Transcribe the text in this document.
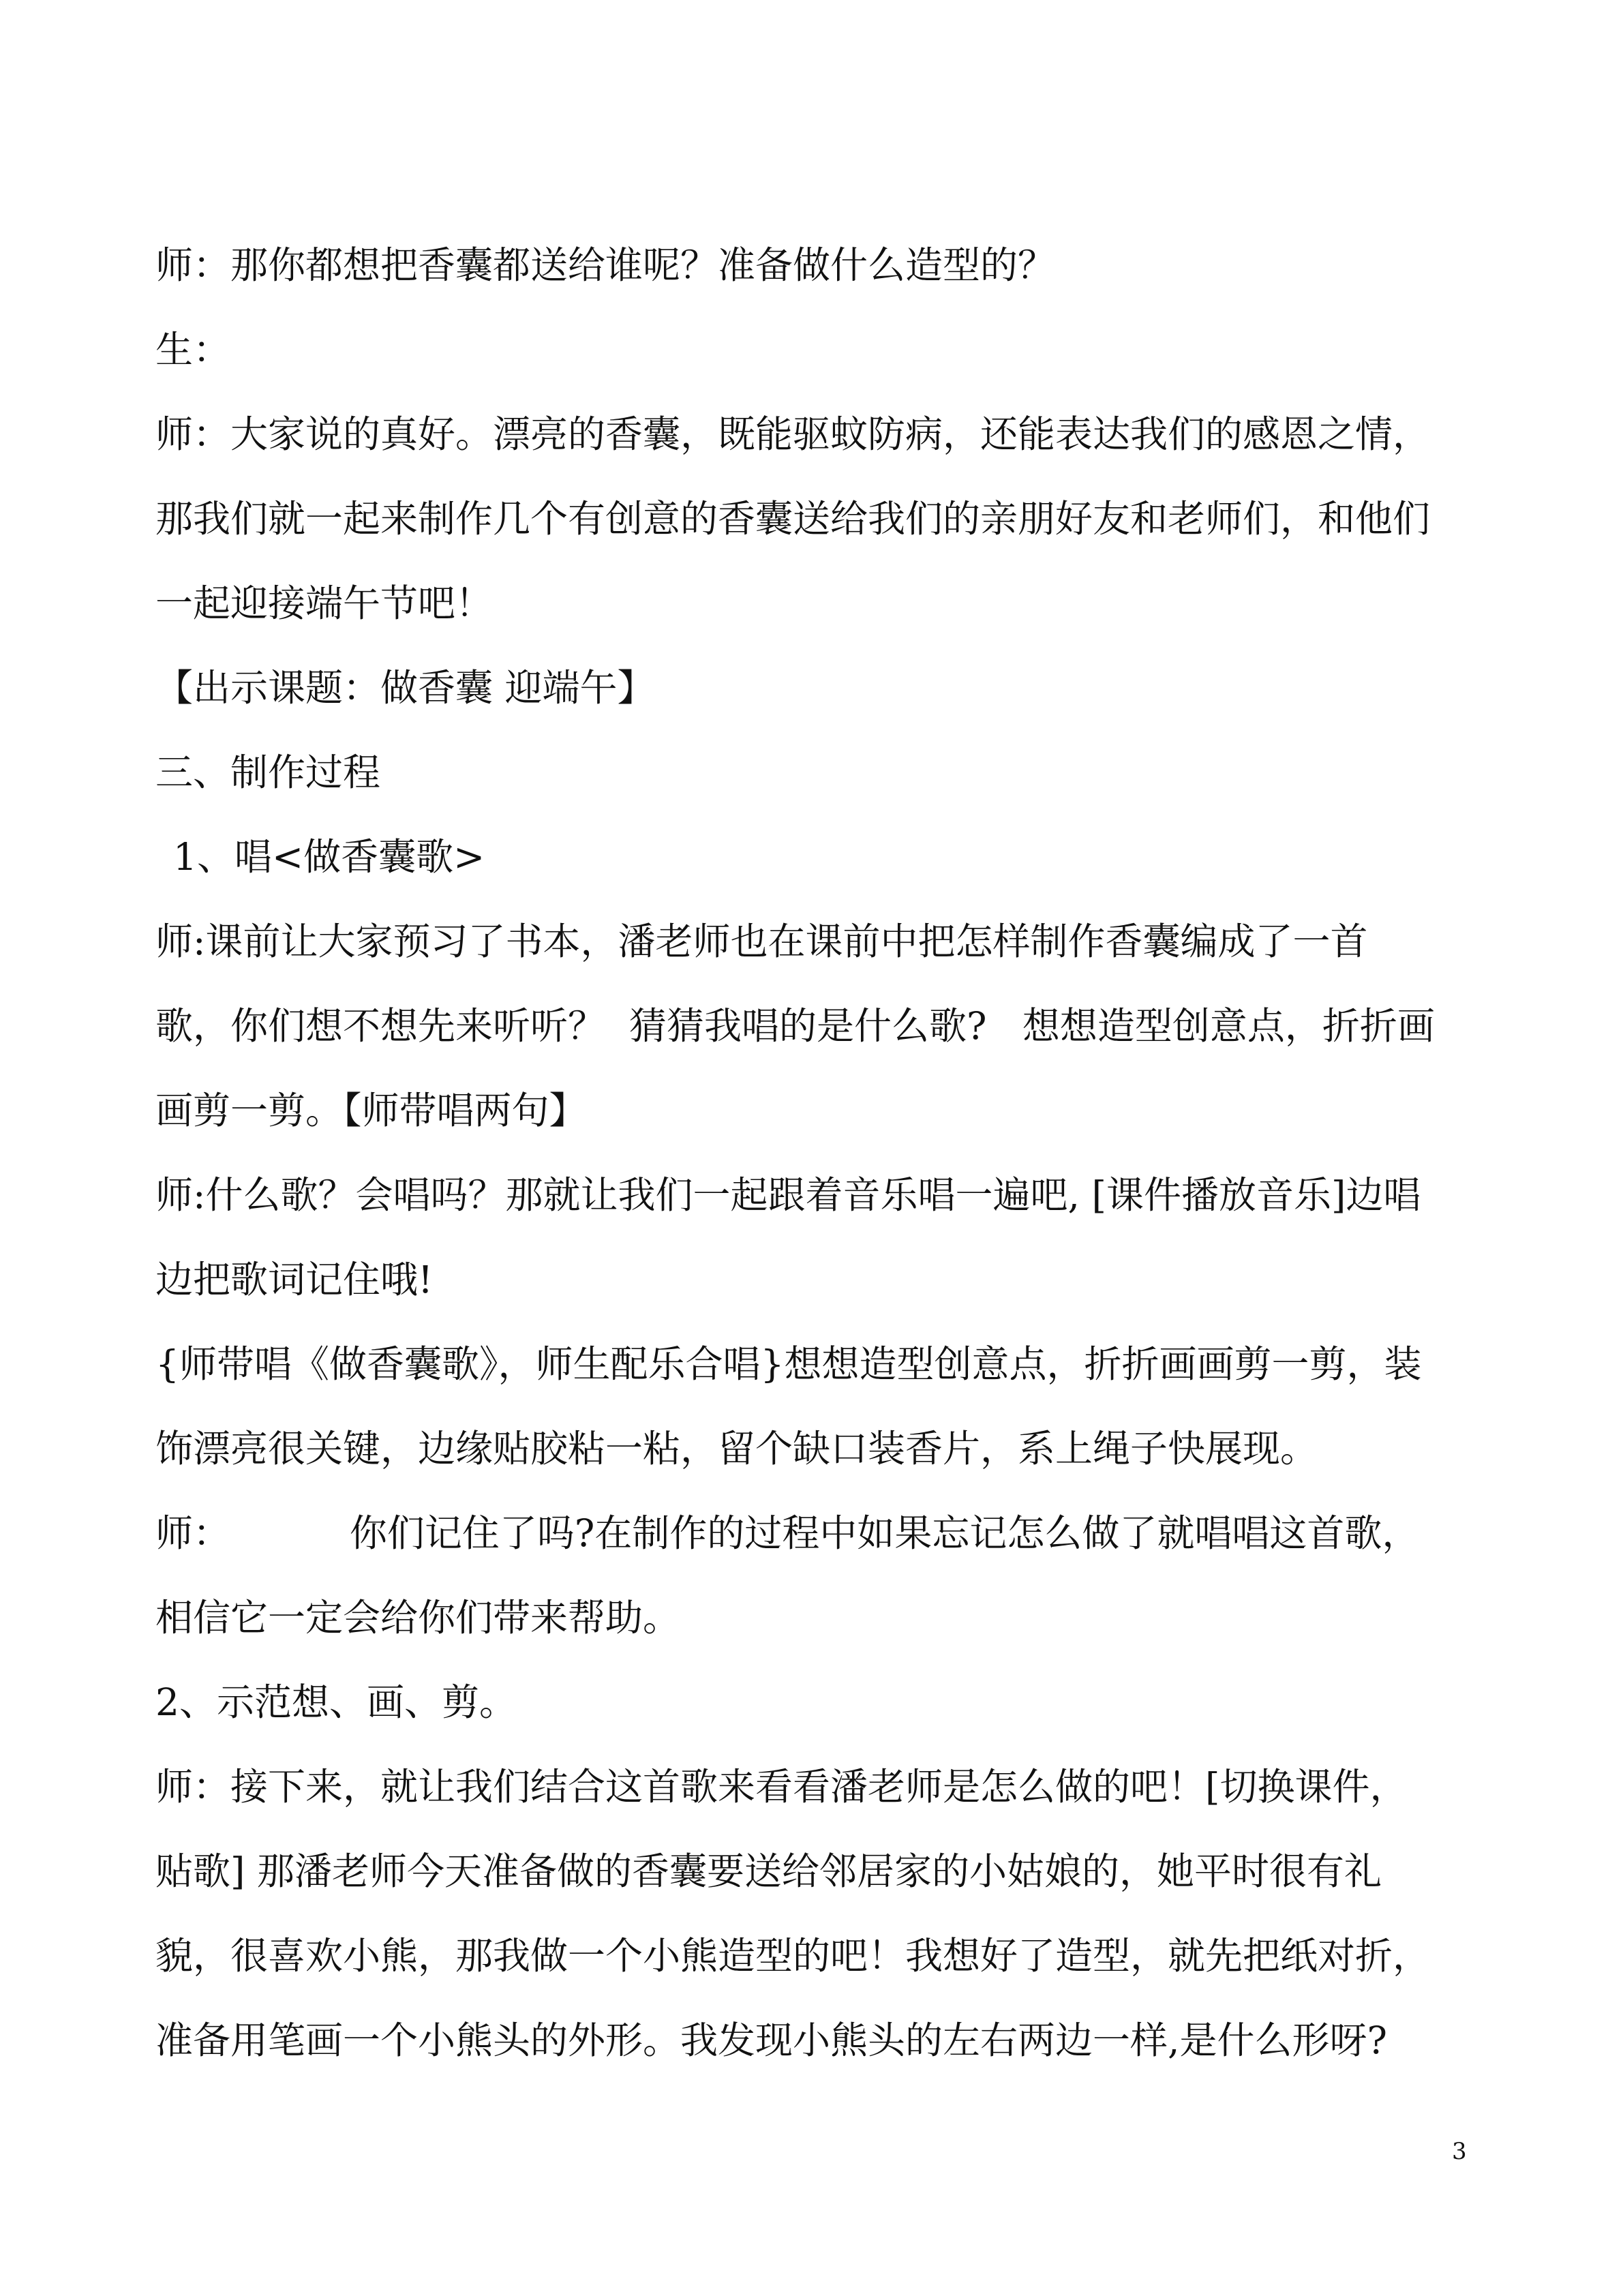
师：那你都想把香囊都送给谁呢？准备做什么造型的？
生：
师：大家说的真好。漂亮的香囊，既能驱蚊防病，还能表达我们的感恩之情，
那我们就一起来制作几个有创意的香囊送给我们的亲朋好友和老师们，和他们
一起迎接端午节吧！
【出示课题：做香囊 迎端午】
三、制作过程
1、唱<做香囊歌>
师:课前让大家预习了书本，潘老师也在课前中把怎样制作香囊编成了一首
歌，你们想不想先来听听？  猜猜我唱的是什么歌?   想想造型创意点，折折画
画剪一剪。【师带唱两句】
师:什么歌？会唱吗？那就让我们一起跟着音乐唱一遍吧, [课件播放音乐]边唱
边把歌词记住哦!
{师带唱《做香囊歌》，师生配乐合唱}想想造型创意点，折折画画剪一剪，装
饰漂亮很关键，边缘贴胶粘一粘，留个缺口装香片，系上绳子快展现。
师：          你们记住了吗?在制作的过程中如果忘记怎么做了就唱唱这首歌，
相信它一定会给你们带来帮助。
2、示范想、画、剪。
师：接下来，就让我们结合这首歌来看看潘老师是怎么做的吧！[切换课件，
贴歌] 那潘老师今天准备做的香囊要送给邻居家的小姑娘的，她平时很有礼
貌，很喜欢小熊，那我做一个小熊造型的吧！我想好了造型，就先把纸对折，
准备用笔画一个小熊头的外形。我发现小熊头的左右两边一样,是什么形呀?
3
